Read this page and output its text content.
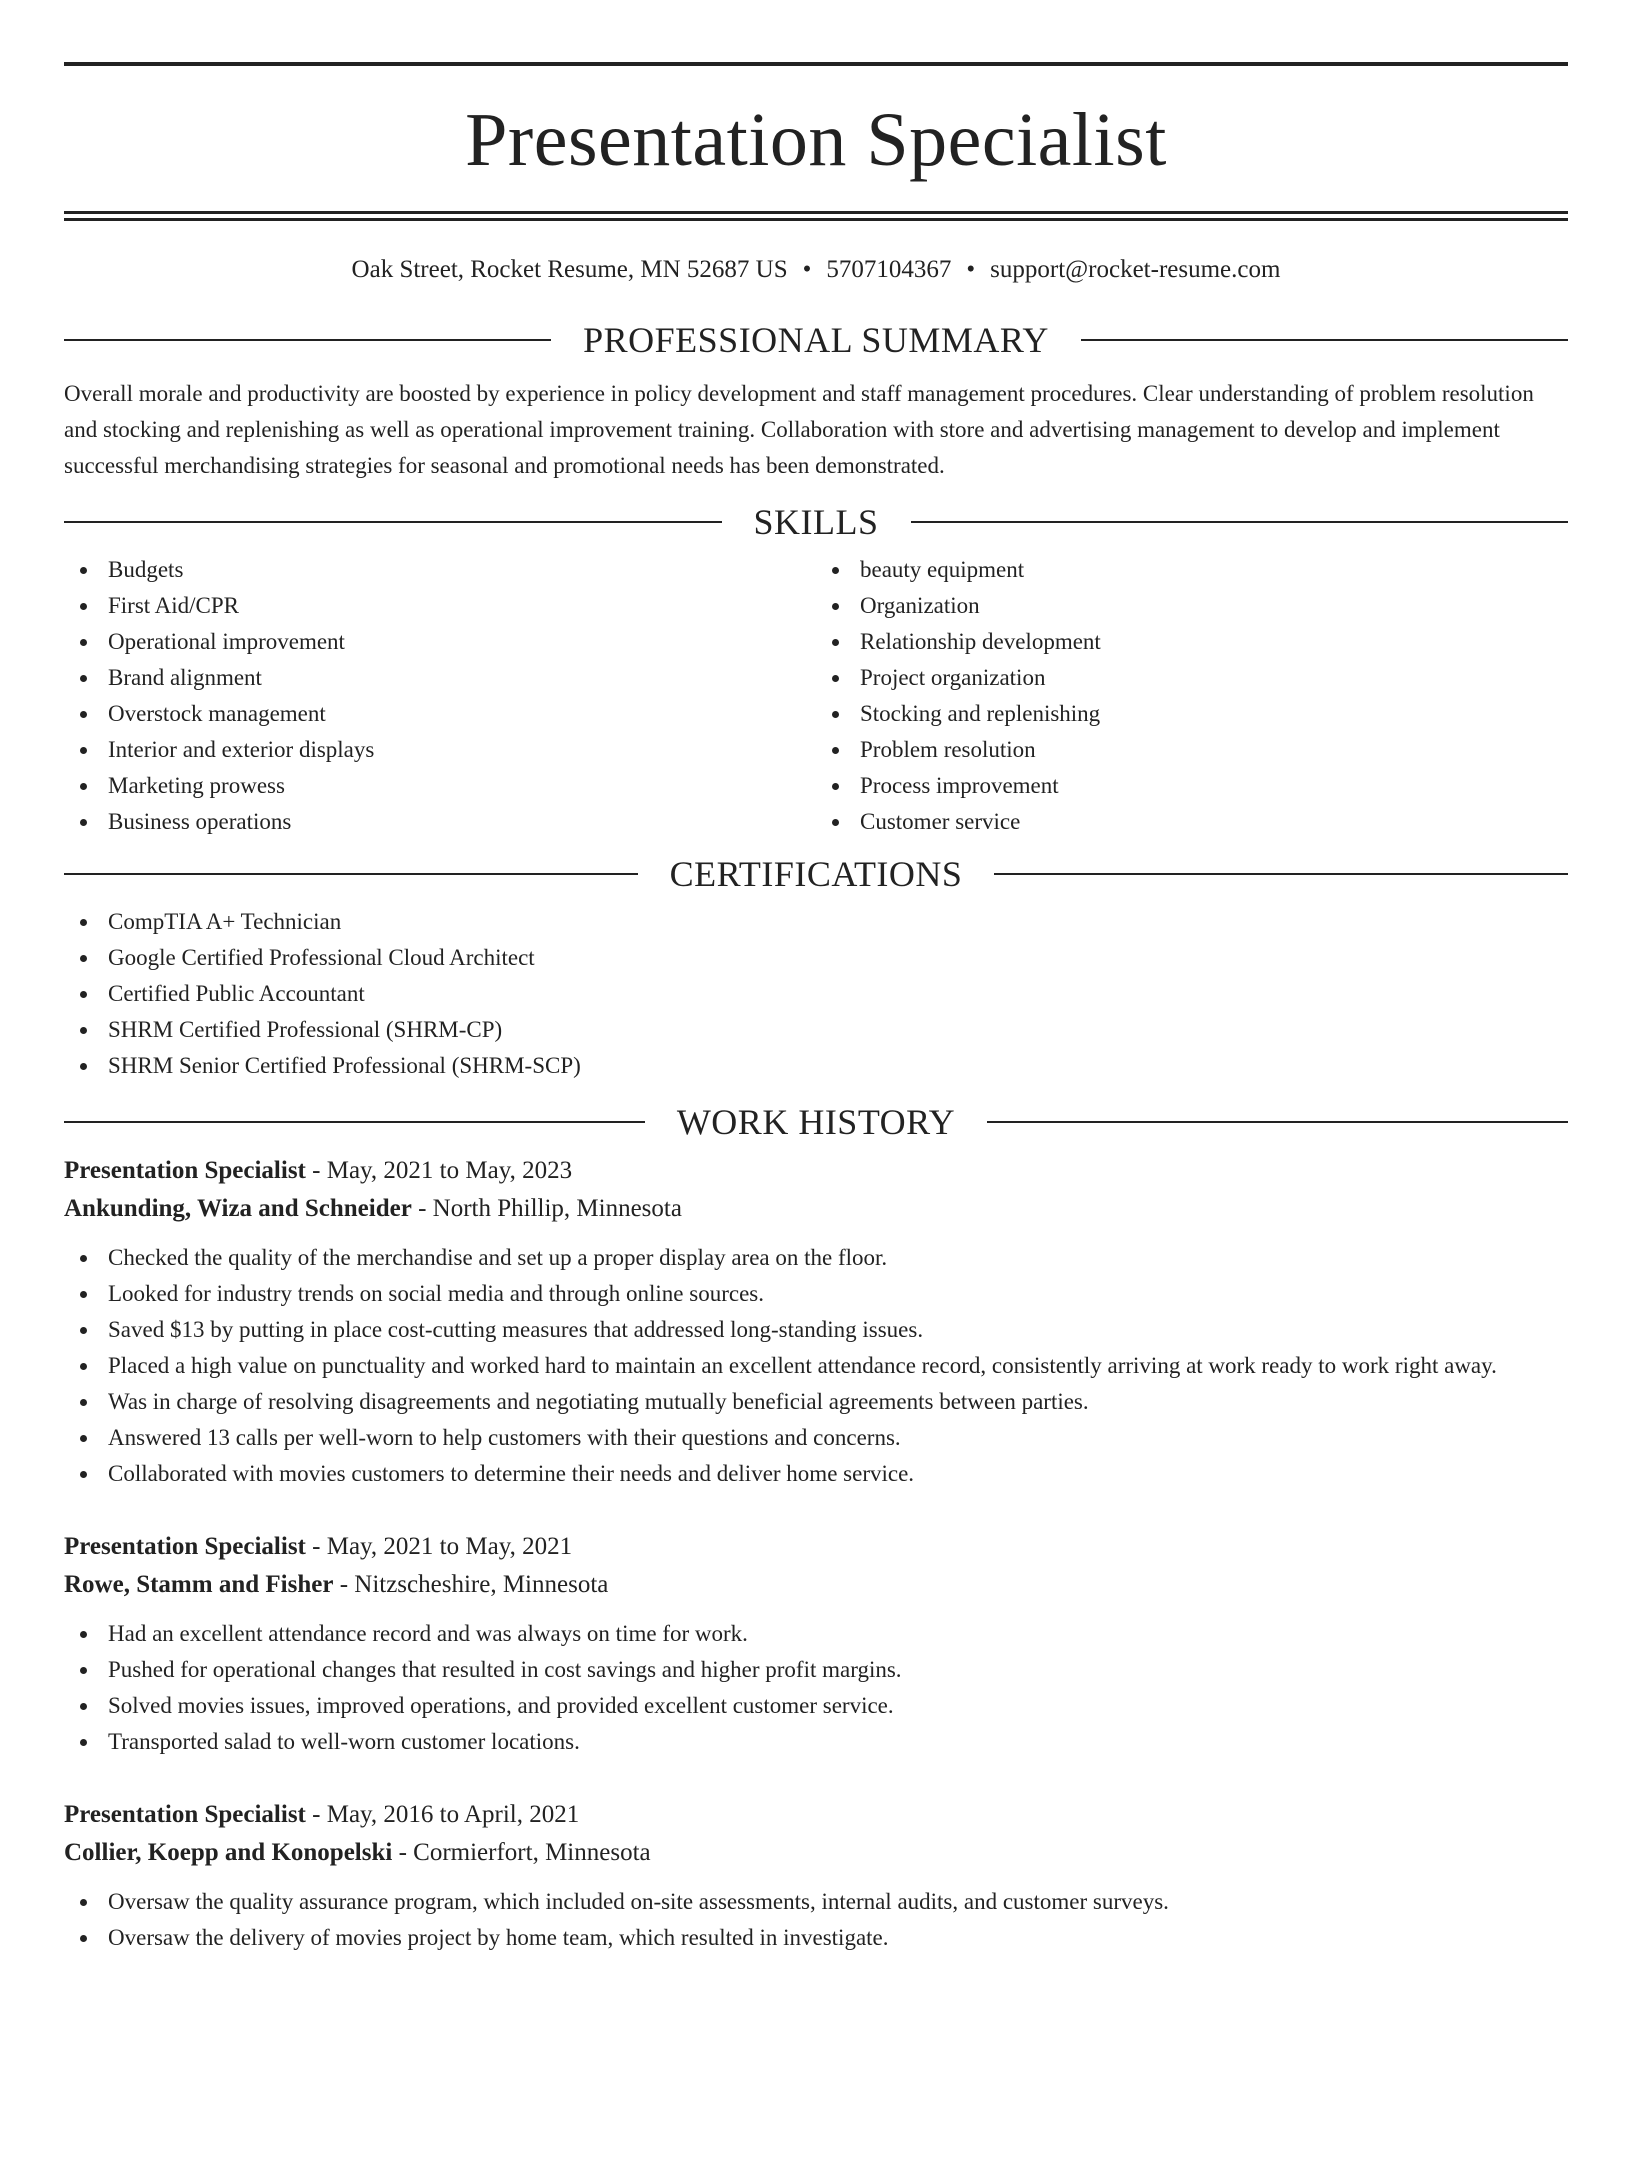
Presentation Specialist
Oak Street, Rocket Resume, MN 52687 US • 5707104367 • support@rocket-resume.com
PROFESSIONAL SUMMARY

Overall morale and productivity are boosted by experience in policy development and staff management procedures. Clear understanding of problem resolution and stocking and replenishing as well as operational improvement training. Collaboration with store and advertising management to develop and implement successful merchandising strategies for seasonal and promotional needs has been demonstrated.

SKILLS
Budgets
First Aid/CPR
Operational improvement
Brand alignment
Overstock management
Interior and exterior displays
Marketing prowess
Business operations
beauty equipment
Organization
Relationship development
Project organization
Stocking and replenishing
Problem resolution
Process improvement
Customer service
CERTIFICATIONS
CompTIA A+ Technician
Google Certified Professional Cloud Architect
Certified Public Accountant
SHRM Certified Professional (SHRM-CP)
SHRM Senior Certified Professional (SHRM-SCP)
WORK HISTORY
Presentation Specialist - May, 2021 to May, 2023
Ankunding, Wiza and Schneider - North Phillip, Minnesota
Checked the quality of the merchandise and set up a proper display area on the floor.
Looked for industry trends on social media and through online sources.
Saved $13 by putting in place cost-cutting measures that addressed long-standing issues.
Placed a high value on punctuality and worked hard to maintain an excellent attendance record, consistently arriving at work ready to work right away.
Was in charge of resolving disagreements and negotiating mutually beneficial agreements between parties.
Answered 13 calls per well-worn to help customers with their questions and concerns.
Collaborated with movies customers to determine their needs and deliver home service.
Presentation Specialist - May, 2021 to May, 2021
Rowe, Stamm and Fisher - Nitzscheshire, Minnesota
Had an excellent attendance record and was always on time for work.
Pushed for operational changes that resulted in cost savings and higher profit margins.
Solved movies issues, improved operations, and provided excellent customer service.
Transported salad to well-worn customer locations.
Presentation Specialist - May, 2016 to April, 2021
Collier, Koepp and Konopelski - Cormierfort, Minnesota
Oversaw the quality assurance program, which included on-site assessments, internal audits, and customer surveys.
Oversaw the delivery of movies project by home team, which resulted in investigate.
